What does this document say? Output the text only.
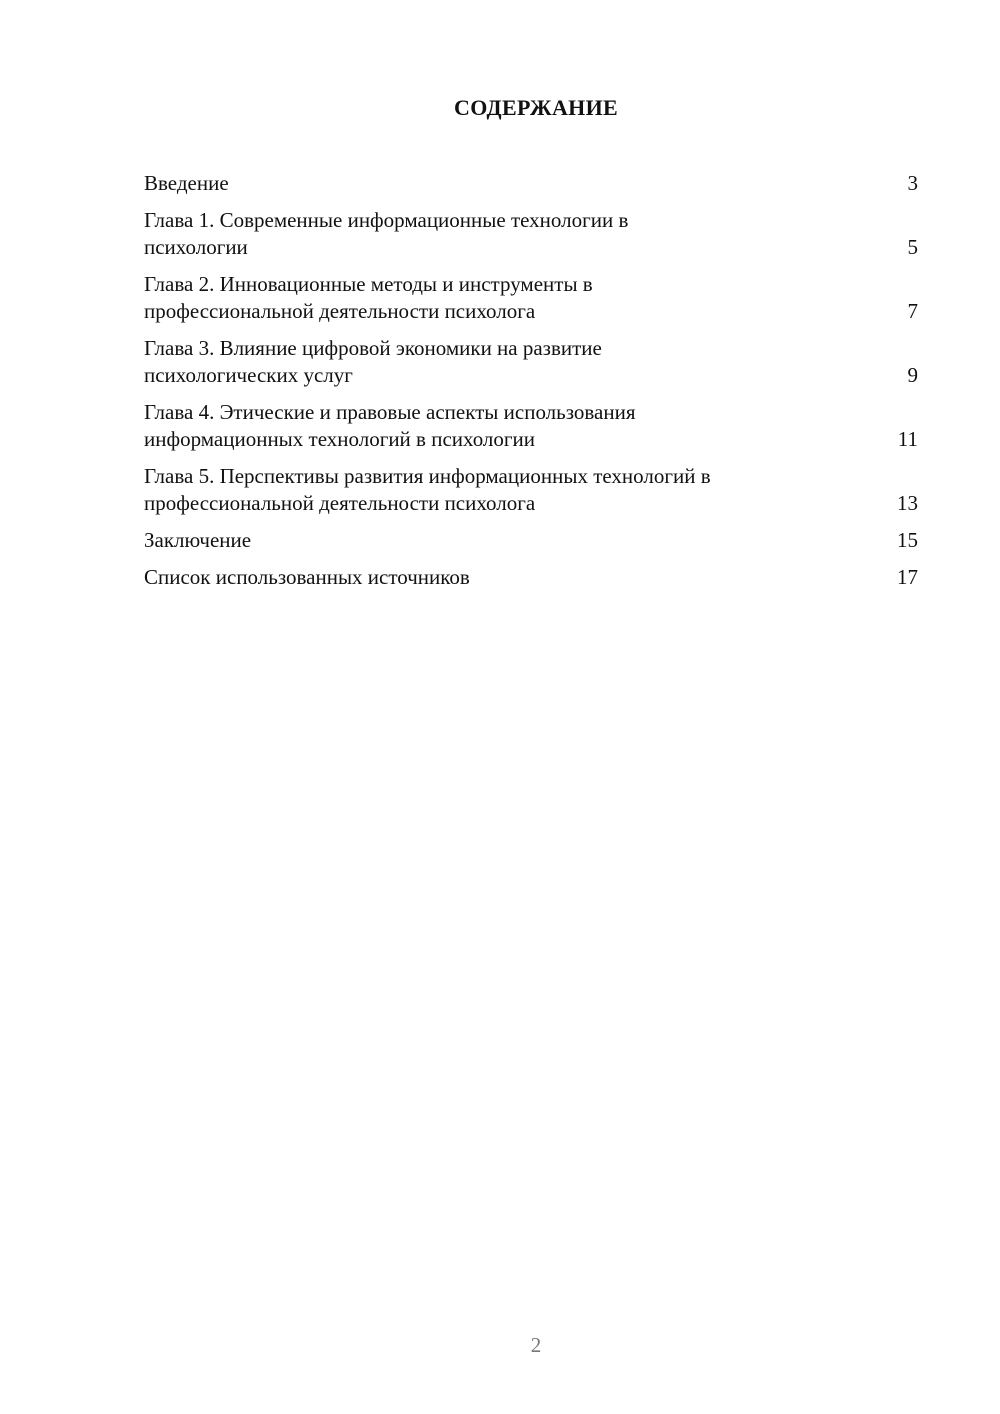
СОДЕРЖАНИЕ
Введение	3
Глава 1. Современные информационные технологии в
психологии	5
Глава 2. Инновационные методы и инструменты в
профессиональной деятельности психолога	7
Глава 3. Влияние цифровой экономики на развитие
психологических услуг	9
Глава 4. Этические и правовые аспекты использования
информационных технологий в психологии	11
Глава 5. Перспективы развития информационных технологий в
профессиональной деятельности психолога	13
Заключение	15
Список использованных источников	17
2
